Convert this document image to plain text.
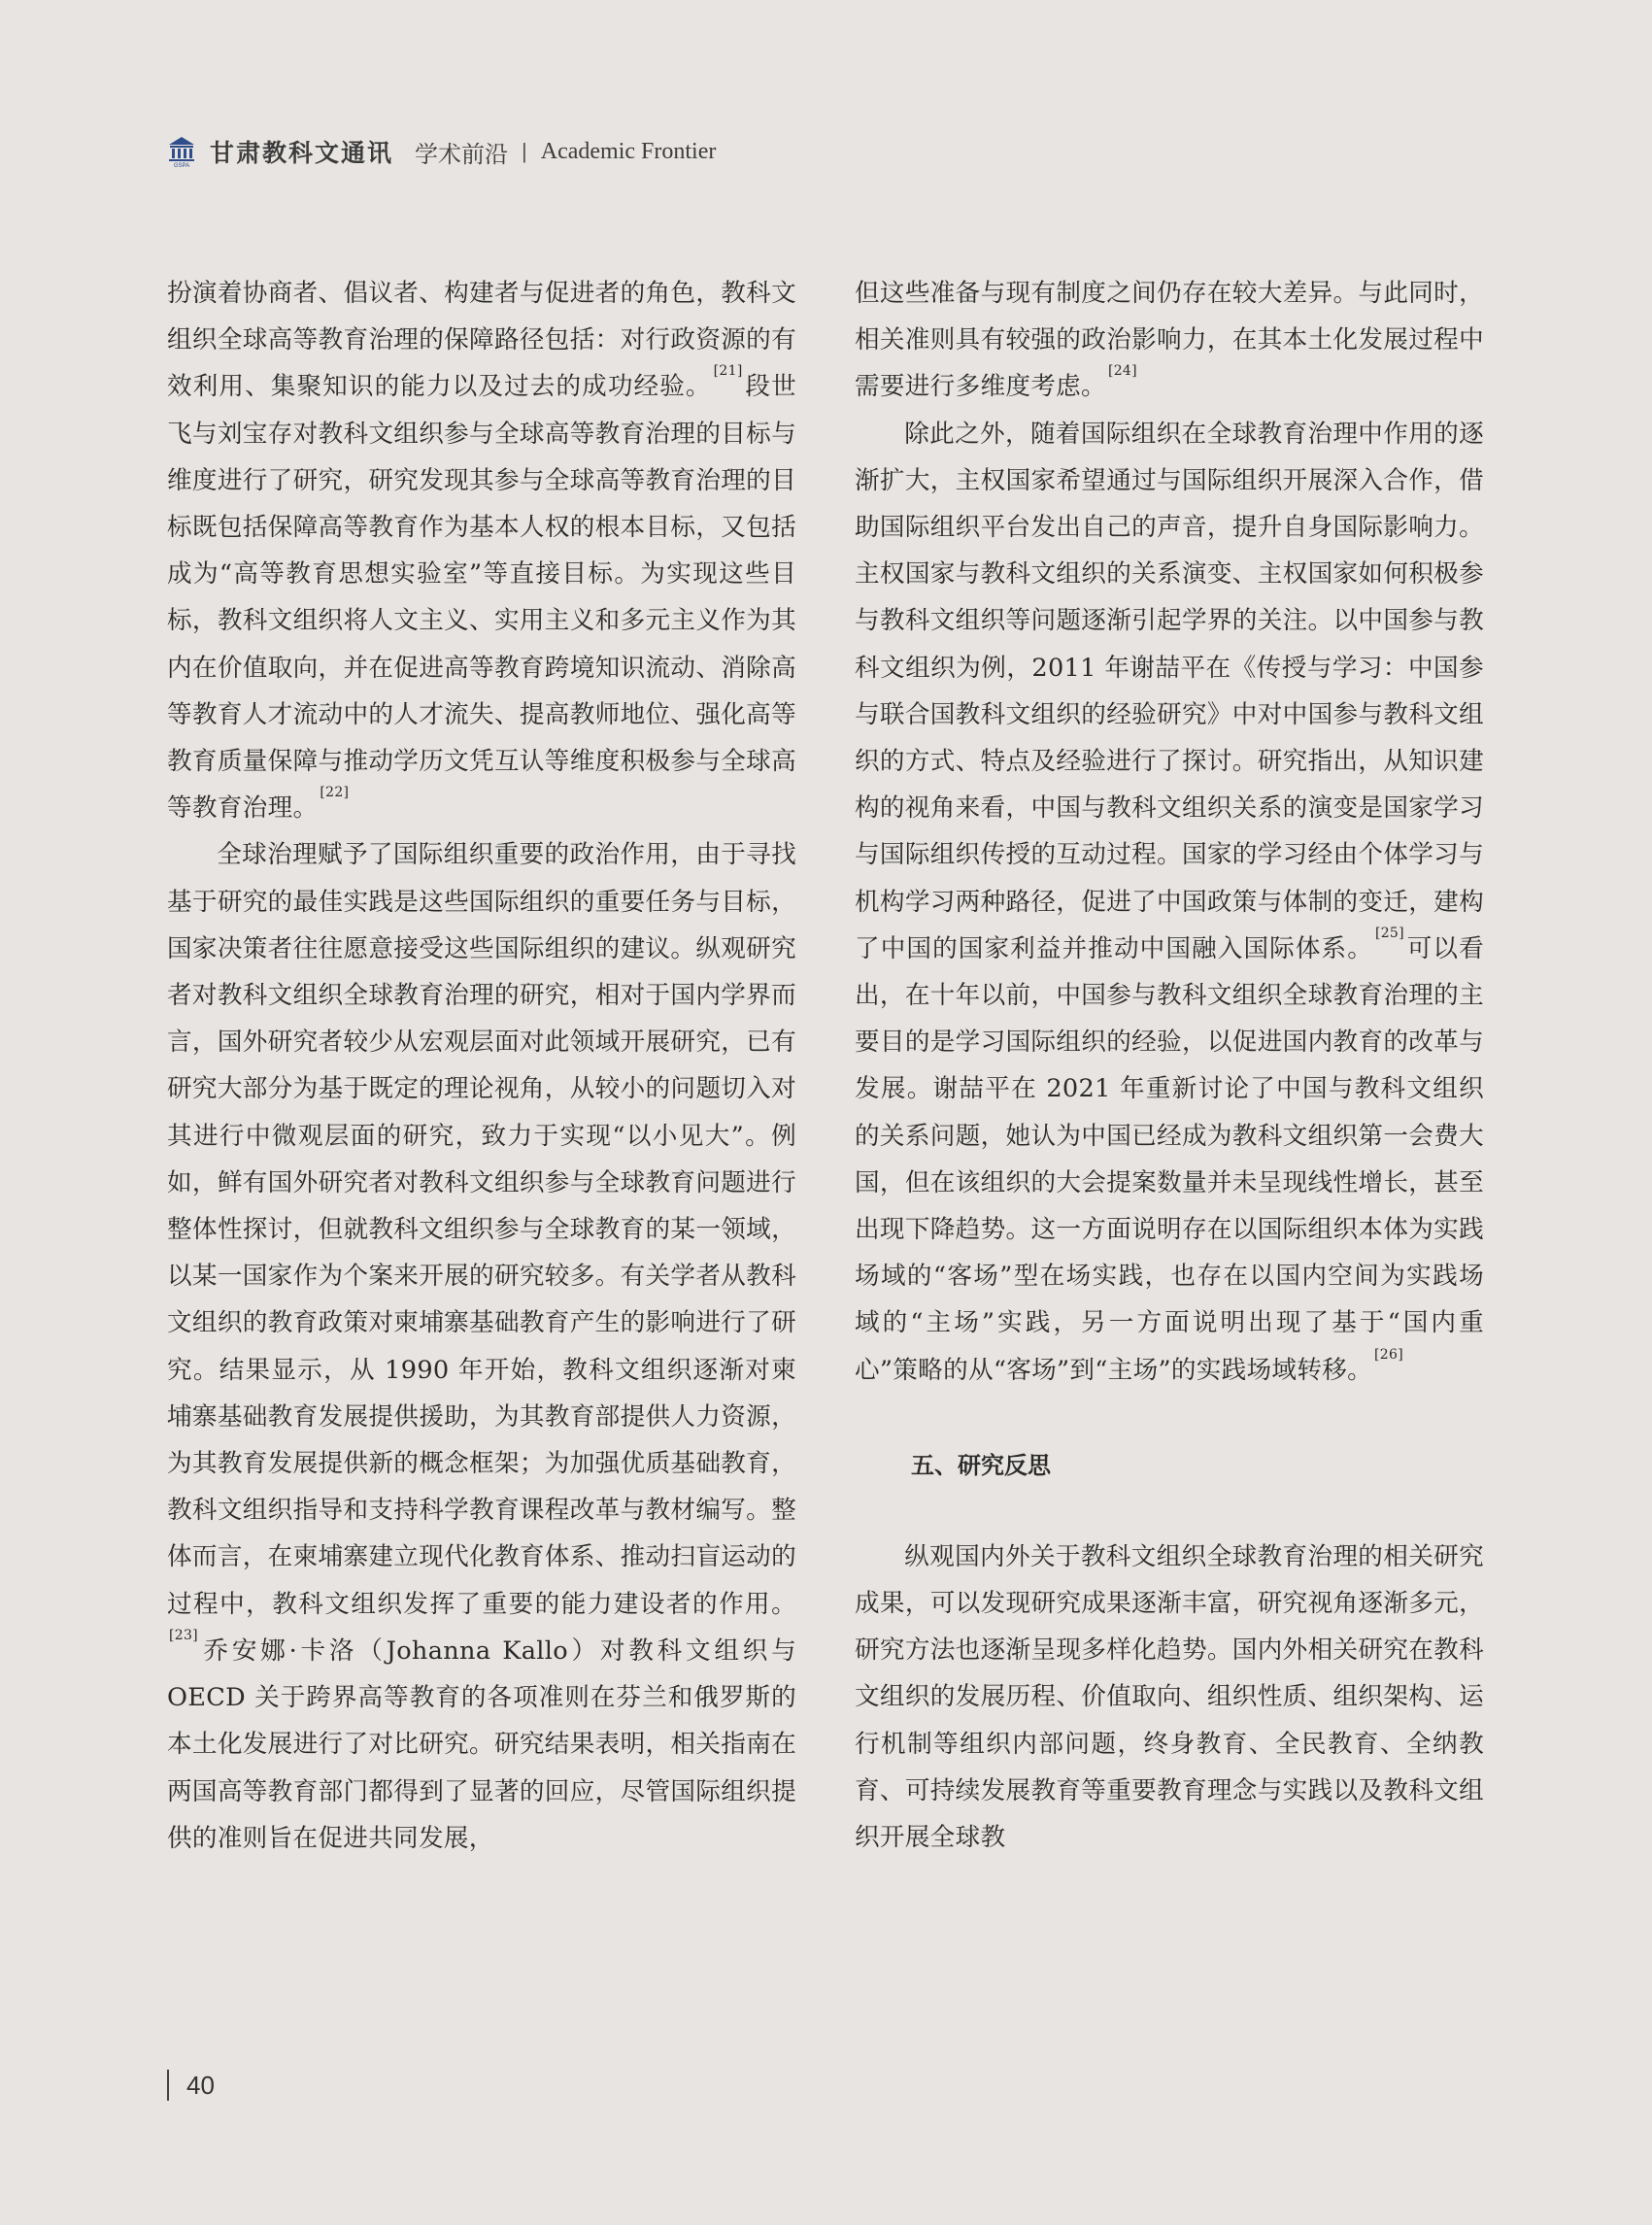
GSPA 甘肃教科文通讯 学术前沿 | Academic Frontier

扮演着协商者、倡议者、构建者与促进者的角色，教科文组织全球高等教育治理的保障路径包括：对行政资源的有效利用、集聚知识的能力以及过去的成功经验。[21]段世飞与刘宝存对教科文组织参与全球高等教育治理的目标与维度进行了研究，研究发现其参与全球高等教育治理的目标既包括保障高等教育作为基本人权的根本目标，又包括成为“高等教育思想实验室”等直接目标。为实现这些目标，教科文组织将人文主义、实用主义和多元主义作为其内在价值取向，并在促进高等教育跨境知识流动、消除高等教育人才流动中的人才流失、提高教师地位、强化高等教育质量保障与推动学历文凭互认等维度积极参与全球高等教育治理。[22]

全球治理赋予了国际组织重要的政治作用，由于寻找基于研究的最佳实践是这些国际组织的重要任务与目标，国家决策者往往愿意接受这些国际组织的建议。纵观研究者对教科文组织全球教育治理的研究，相对于国内学界而言，国外研究者较少从宏观层面对此领域开展研究，已有研究大部分为基于既定的理论视角，从较小的问题切入对其进行中微观层面的研究，致力于实现“以小见大”。例如，鲜有国外研究者对教科文组织参与全球教育问题进行整体性探讨，但就教科文组织参与全球教育的某一领域，以某一国家作为个案来开展的研究较多。有关学者从教科文组织的教育政策对柬埔寨基础教育产生的影响进行了研究。结果显示，从 1990 年开始，教科文组织逐渐对柬埔寨基础教育发展提供援助，为其教育部提供人力资源，为其教育发展提供新的概念框架；为加强优质基础教育，教科文组织指导和支持科学教育课程改革与教材编写。整体而言，在柬埔寨建立现代化教育体系、推动扫盲运动的过程中，教科文组织发挥了重要的能力建设者的作用。[23]乔安娜·卡洛（Johanna Kallo）对教科文组织与 OECD 关于跨界高等教育的各项准则在芬兰和俄罗斯的本土化发展进行了对比研究。研究结果表明，相关指南在两国高等教育部门都得到了显著的回应，尽管国际组织提供的准则旨在促进共同发展，

但这些准备与现有制度之间仍存在较大差异。与此同时，相关准则具有较强的政治影响力，在其本土化发展过程中需要进行多维度考虑。[24]

除此之外，随着国际组织在全球教育治理中作用的逐渐扩大，主权国家希望通过与国际组织开展深入合作，借助国际组织平台发出自己的声音，提升自身国际影响力。主权国家与教科文组织的关系演变、主权国家如何积极参与教科文组织等问题逐渐引起学界的关注。以中国参与教科文组织为例，2011 年谢喆平在《传授与学习：中国参与联合国教科文组织的经验研究》中对中国参与教科文组织的方式、特点及经验进行了探讨。研究指出，从知识建构的视角来看，中国与教科文组织关系的演变是国家学习与国际组织传授的互动过程。国家的学习经由个体学习与机构学习两种路径，促进了中国政策与体制的变迁，建构了中国的国家利益并推动中国融入国际体系。[25]可以看出，在十年以前，中国参与教科文组织全球教育治理的主要目的是学习国际组织的经验，以促进国内教育的改革与发展。谢喆平在 2021 年重新讨论了中国与教科文组织的关系问题，她认为中国已经成为教科文组织第一会费大国，但在该组织的大会提案数量并未呈现线性增长，甚至出现下降趋势。这一方面说明存在以国际组织本体为实践场域的“客场”型在场实践，也存在以国内空间为实践场域的“主场”实践，另一方面说明出现了基于“国内重心”策略的从“客场”到“主场”的实践场域转移。[26]

五、研究反思

纵观国内外关于教科文组织全球教育治理的相关研究成果，可以发现研究成果逐渐丰富，研究视角逐渐多元，研究方法也逐渐呈现多样化趋势。国内外相关研究在教科文组织的发展历程、价值取向、组织性质、组织架构、运行机制等组织内部问题，终身教育、全民教育、全纳教育、可持续发展教育等重要教育理念与实践以及教科文组织开展全球教

40
